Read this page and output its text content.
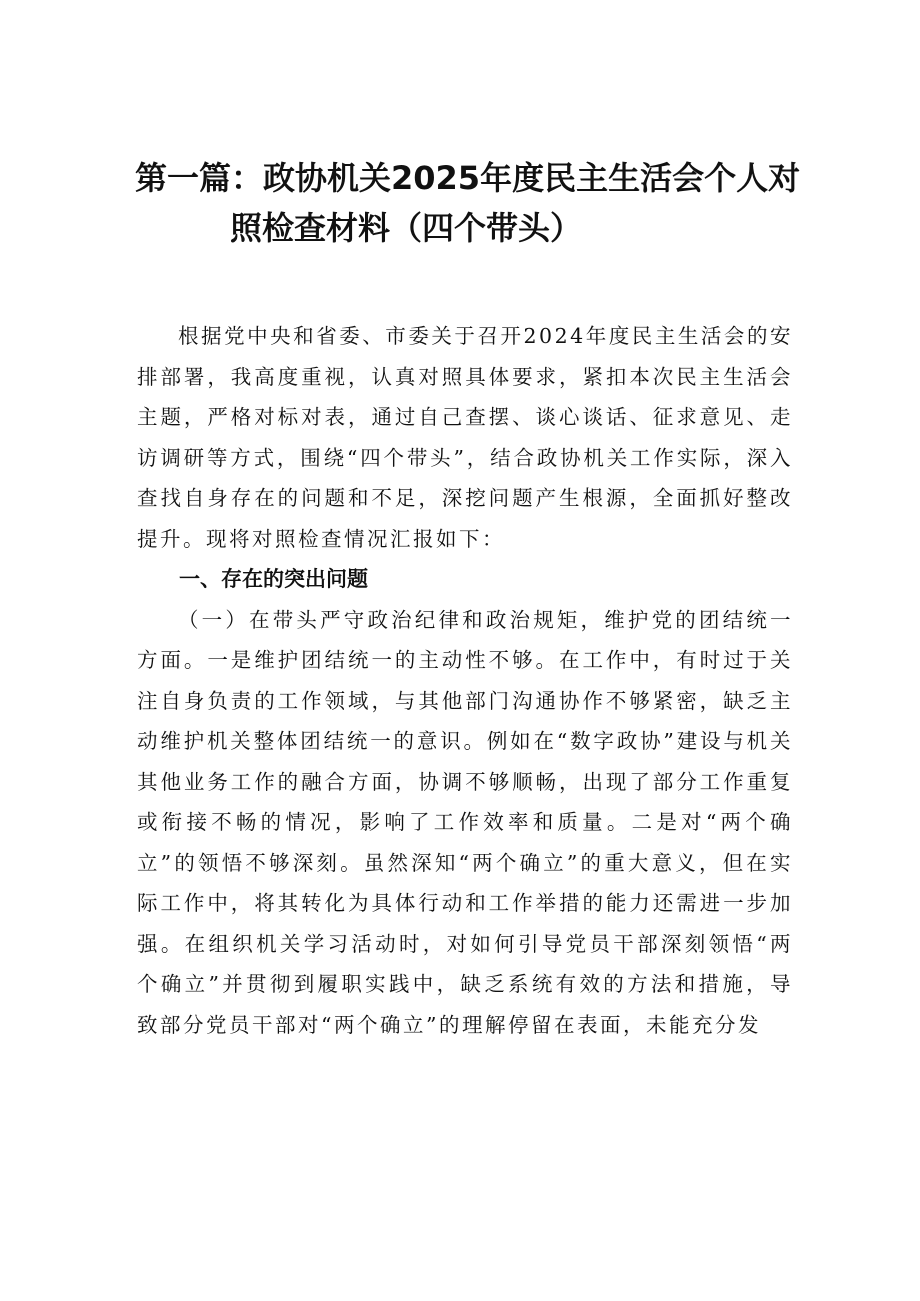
第一篇：政协机关2025年度民主生活会个人对
照检查材料（四个带头）

根据党中央和省委、市委关于召开2024年度民主生活会的安排部署，我高度重视，认真对照具体要求，紧扣本次民主生活会主题，严格对标对表，通过自己查摆、谈心谈话、征求意见、走访调研等方式，围绕“四个带头”，结合政协机关工作实际，深入查找自身存在的问题和不足，深挖问题产生根源，全面抓好整改提升。现将对照检查情况汇报如下：

一、存在的突出问题

（一）在带头严守政治纪律和政治规矩，维护党的团结统一方面。一是维护团结统一的主动性不够。在工作中，有时过于关注自身负责的工作领域，与其他部门沟通协作不够紧密，缺乏主动维护机关整体团结统一的意识。例如在“数字政协”建设与机关其他业务工作的融合方面，协调不够顺畅，出现了部分工作重复或衔接不畅的情况，影响了工作效率和质量。二是对“两个确立”的领悟不够深刻。虽然深知“两个确立”的重大意义，但在实际工作中，将其转化为具体行动和工作举措的能力还需进一步加强。在组织机关学习活动时，对如何引导党员干部深刻领悟“两个确立”并贯彻到履职实践中，缺乏系统有效的方法和措施，导致部分党员干部对“两个确立”的理解停留在表面，未能充分发
